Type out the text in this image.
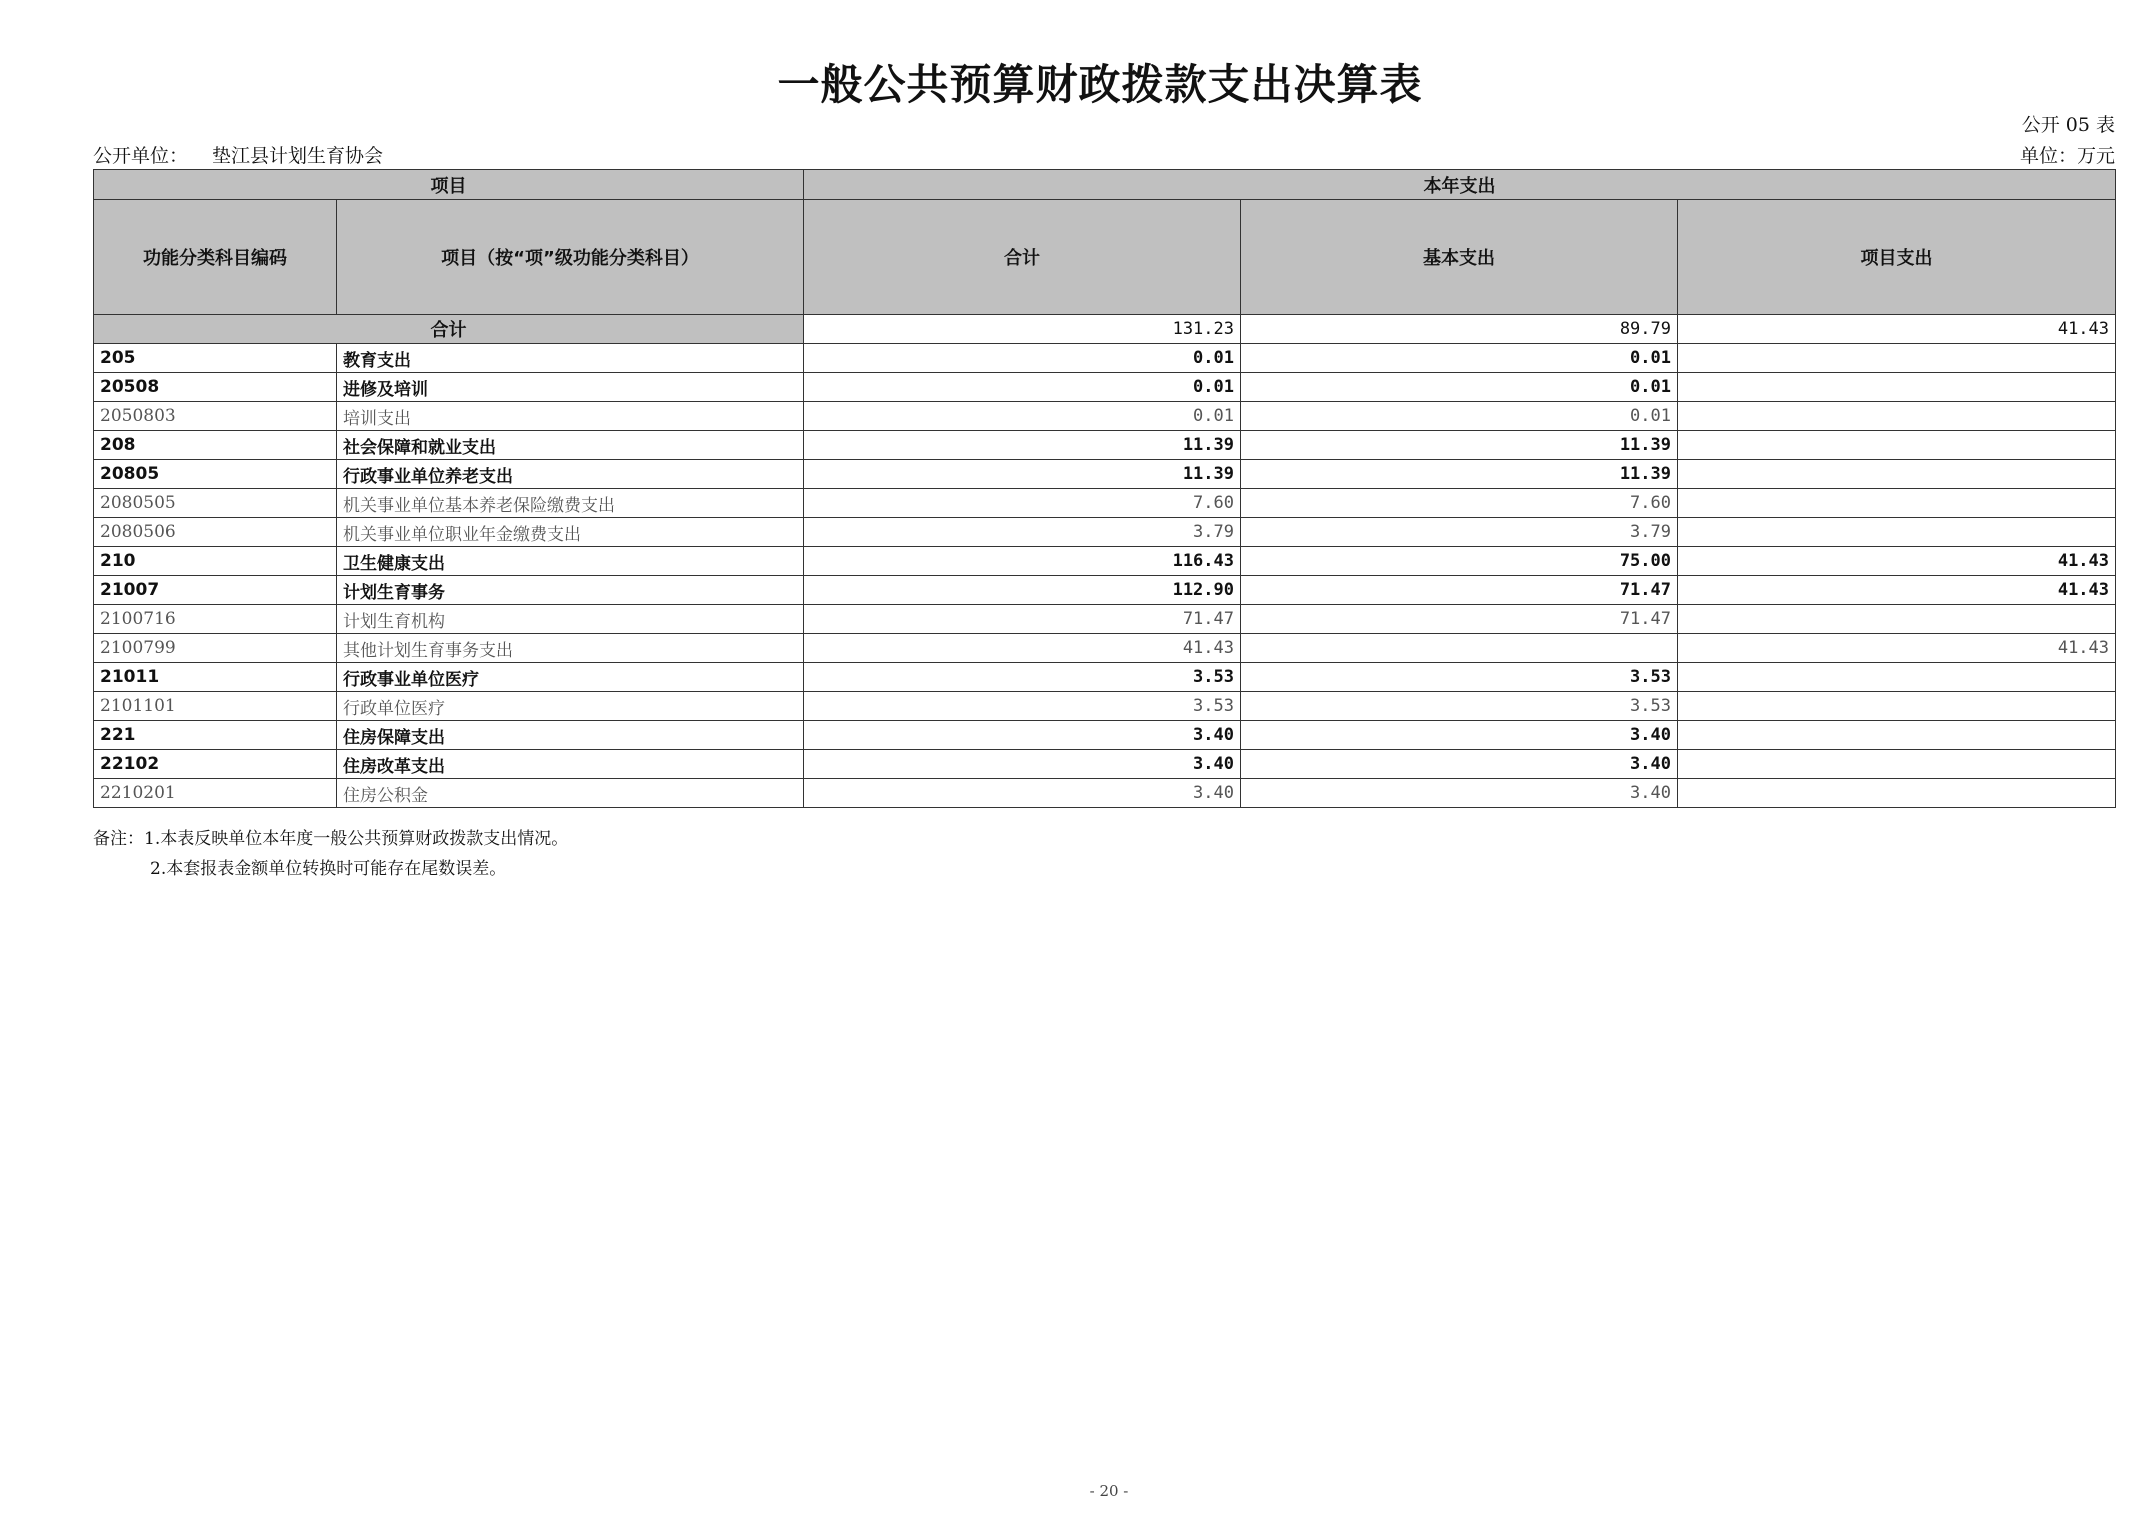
一般公共预算财政拨款支出决算表
公开 05 表
公开单位： 垫江县计划生育协会	单位：万元
项目		本年支出		
功能分类科目编码	项目（按“项”级功能分类科目）	合计	基本支出	项目支出
合计		131.23	89.79	41.43
205	教育支出	0.01	0.01	
20508	进修及培训	0.01	0.01	
2050803	培训支出	0.01	0.01	
208	社会保障和就业支出	11.39	11.39	
20805	行政事业单位养老支出	11.39	11.39	
2080505	机关事业单位基本养老保险缴费支出	7.60	7.60	
2080506	机关事业单位职业年金缴费支出	3.79	3.79	
210	卫生健康支出	116.43	75.00	41.43
21007	计划生育事务	112.90	71.47	41.43
2100716	计划生育机构	71.47	71.47	
2100799	其他计划生育事务支出	41.43		41.43
21011	行政事业单位医疗	3.53	3.53	
2101101	行政单位医疗	3.53	3.53	
221	住房保障支出	3.40	3.40	
22102	住房改革支出	3.40	3.40	
2210201	住房公积金	3.40	3.40	
备注：1.本表反映单位本年度一般公共预算财政拨款支出情况。
2.本套报表金额单位转换时可能存在尾数误差。
- 20 -
